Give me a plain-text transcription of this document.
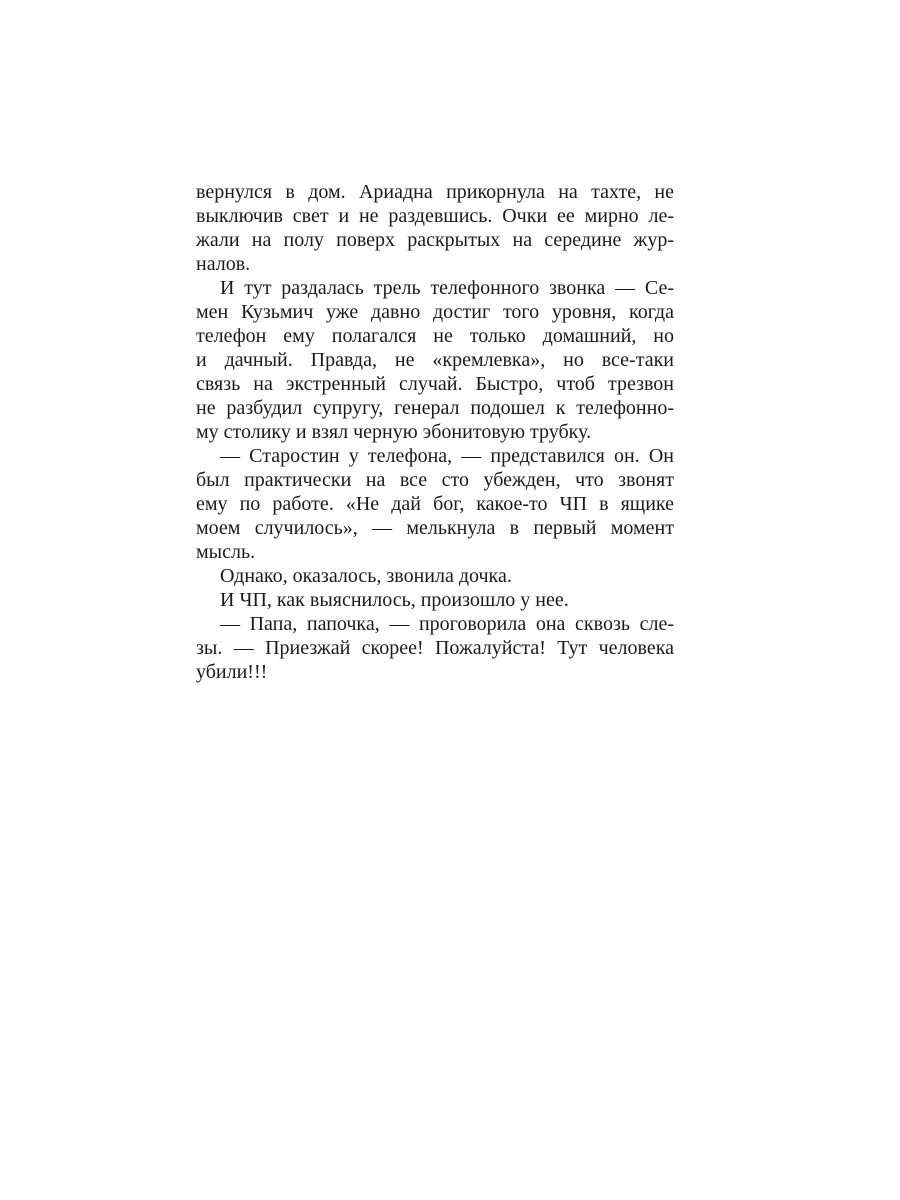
вернулся в дом. Ариадна прикорнула на тахте, не
выключив свет и не раздевшись. Очки ее мирно ле-
жали на полу поверх раскрытых на середине жур-
налов.

И тут раздалась трель телефонного звонка — Се-
мен Кузьмич уже давно достиг того уровня, когда
телефон ему полагался не только домашний, но
и дачный. Правда, не «кремлевка», но все-таки
связь на экстренный случай. Быстро, чтоб трезвон
не разбудил супругу, генерал подошел к телефонно-
му столику и взял черную эбонитовую трубку.

— Старостин у телефона, — представился он. Он
был практически на все сто убежден, что звонят
ему по работе. «Не дай бог, какое-то ЧП в ящике
моем случилось», — мелькнула в первый момент
мысль.

Однако, оказалось, звонила дочка.

И ЧП, как выяснилось, произошло у нее.

— Папа, папочка, — проговорила она сквозь сле-
зы. — Приезжай скорее! Пожалуйста! Тут человека
убили!!!
